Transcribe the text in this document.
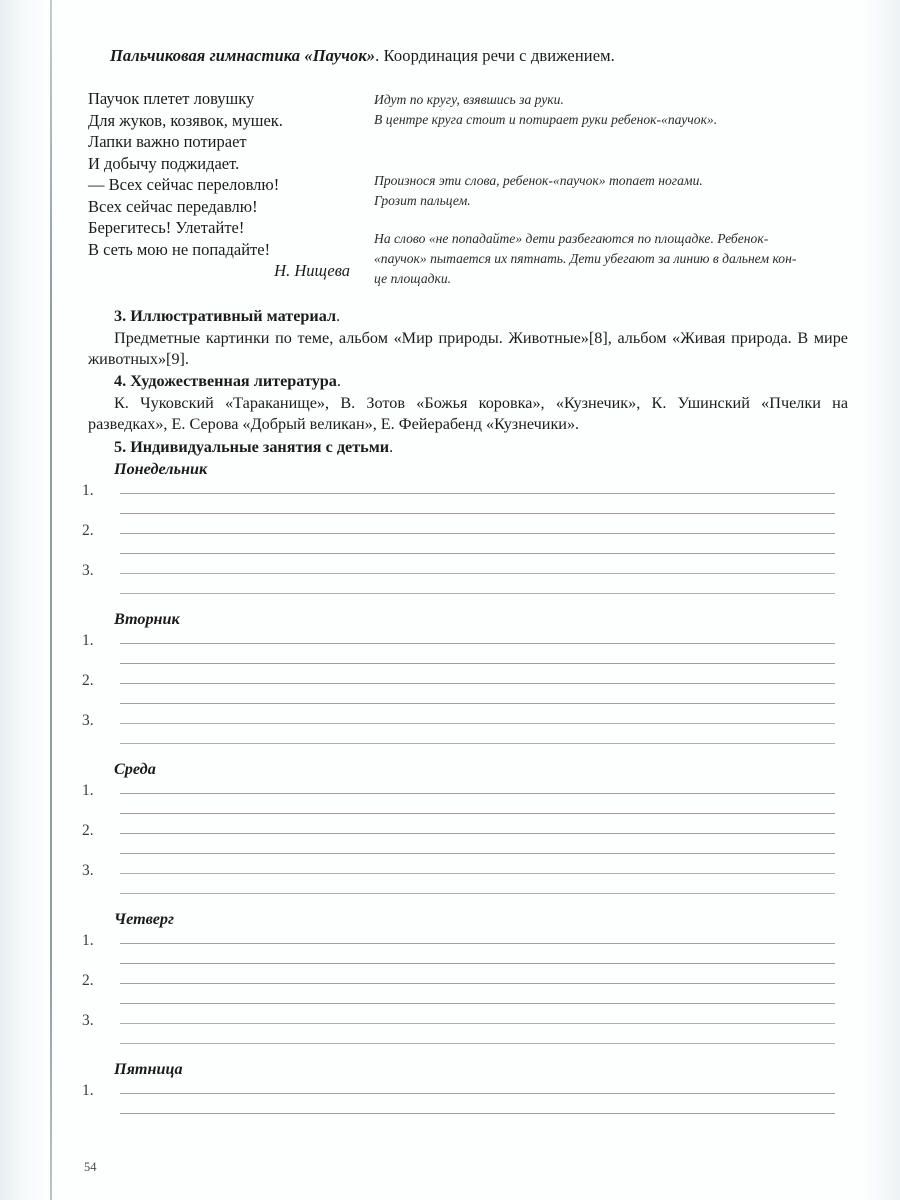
Пальчиковая гимнастика «Паучок». Координация речи с движением.
Паучок плетет ловушку
Для жуков, козявок, мушек.
Лапки важно потирает
И добычу поджидает.
— Всех сейчас переловлю!
Всех сейчас передавлю!
Берегитесь! Улетайте!
В сеть мою не попадайте!
Н. Нищева
Идут по кругу, взявшись за руки.
В центре круга стоит и потирает руки ребенок-«паучок».
Произнося эти слова, ребенок-«паучок» топает ногами.
Грозит пальцем.
На слово «не попадайте» дети разбегаются по площадке. Ребенок-
«паучок» пытается их пятнать. Дети убегают за линию в дальнем кон-
це площадки.
3. Иллюстративный материал.
Предметные картинки по теме, альбом «Мир природы. Животные»[8], альбом «Живая природа. В мире животных»[9].
4. Художественная литература.
К. Чуковский «Тараканище», В. Зотов «Божья коровка», «Кузнечик», К. Ушинский «Пчелки на разведках», Е. Серова «Добрый великан», Е. Фейерабенд «Кузнечики».
5. Индивидуальные занятия с детьми.
Понедельник
1.
2.
3.
Вторник
1.
2.
3.
Среда
1.
2.
3.
Четверг
1.
2.
3.
Пятница
1.
54
